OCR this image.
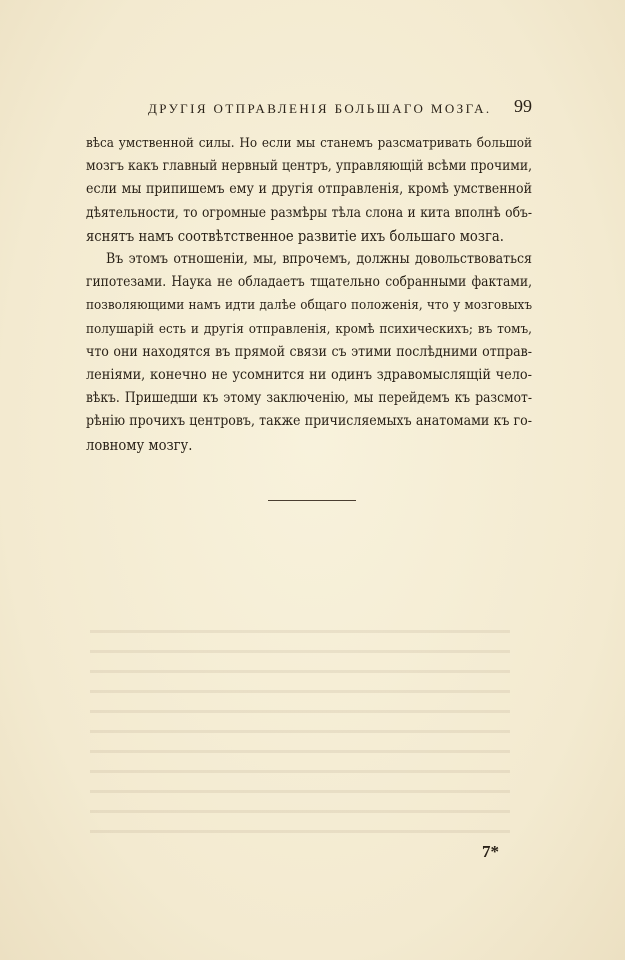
ДРУГІЯ ОТПРАВЛЕНІЯ БОЛЬШАГО МОЗГА. 99

вѣса умственной силы. Но если мы станемъ разсматривать большой
мозгъ какъ главный нервный центръ, управляющій всѣми прочими,
если мы припишемъ ему и другія отправленія, кромѣ умственной
дѣятельности, то огромные размѣры тѣла слона и кита вполнѣ объ-
яснятъ намъ соотвѣтственное развитіе ихъ большаго мозга.

Въ этомъ отношеніи, мы, впрочемъ, должны довольствоваться
гипотезами. Наука не обладаетъ тщательно собранными фактами,
позволяющими намъ идти далѣе общаго положенія, что у мозговыхъ
полушарій есть и другія отправленія, кромѣ психическихъ; въ томъ,
что они находятся въ прямой связи съ этими послѣдними отправ-
леніями, конечно не усомнится ни одинъ здравомыслящій чело-
вѣкъ. Пришедши къ этому заключенію, мы перейдемъ къ разсмот-
рѣнію прочихъ центровъ, также причисляемыхъ анатомами къ го-
ловному мозгу.

7*
